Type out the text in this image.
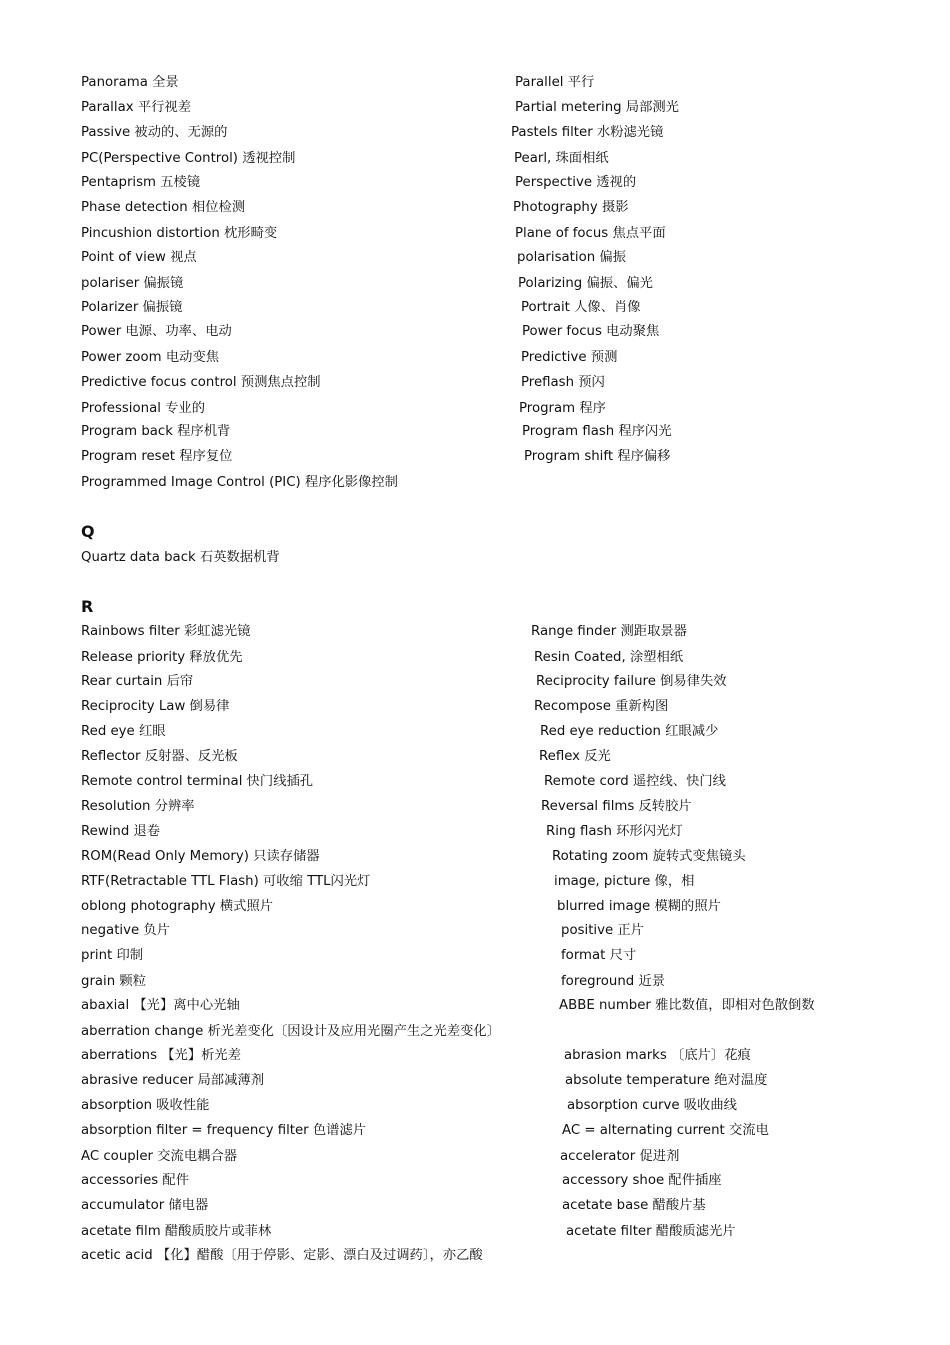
Panorama 全景	Parallel 平行
Parallax 平行视差	Partial metering 局部测光
Passive 被动的、无源的	Pastels filter 水粉滤光镜
PC(Perspective Control) 透视控制	Pearl, 珠面相纸
Pentaprism 五棱镜	Perspective 透视的
Phase detection 相位检测	Photography 摄影
Pincushion distortion 枕形畸变	Plane of focus 焦点平面
Point of view 视点	polarisation 偏振
polariser 偏振镜	Polarizing 偏振、偏光
Polarizer 偏振镜	Portrait 人像、肖像
Power 电源、功率、电动	Power focus 电动聚焦
Power zoom 电动变焦	Predictive 预测
Predictive focus control 预测焦点控制	Preflash 预闪
Professional 专业的	Program 程序
Program back 程序机背	Program flash 程序闪光
Program reset 程序复位	Program shift 程序偏移
Programmed Image Control (PIC) 程序化影像控制
Q
Quartz data back 石英数据机背
R
Rainbows filter 彩虹滤光镜	Range finder 测距取景器
Release priority 释放优先	Resin Coated, 涂塑相纸
Rear curtain 后帘	Reciprocity failure 倒易律失效
Reciprocity Law 倒易律	Recompose 重新构图
Red eye 红眼	Red eye reduction 红眼减少
Reflector 反射器、反光板	Reflex 反光
Remote control terminal 快门线插孔	Remote cord 遥控线、快门线
Resolution 分辨率	Reversal films 反转胶片
Rewind 退卷	Ring flash 环形闪光灯
ROM(Read Only Memory) 只读存储器	Rotating zoom 旋转式变焦镜头
RTF(Retractable TTL Flash) 可收缩 TTL闪光灯	image, picture 像，相
oblong photography 横式照片	blurred image 模糊的照片
negative 负片	positive 正片
print 印制	format 尺寸
grain 颗粒	foreground 近景
abaxial 【光】离中心光轴	ABBE number 雅比数值，即相对色散倒数
aberration change 析光差变化〔因设计及应用光圈产生之光差变化〕
aberrations 【光】析光差	abrasion marks 〔底片〕花痕
abrasive reducer 局部减薄剂	absolute temperature 绝对温度
absorption 吸收性能	absorption curve 吸收曲线
absorption filter = frequency filter 色谱滤片	AC = alternating current 交流电
AC coupler 交流电耦合器	accelerator 促进剂
accessories 配件	accessory shoe 配件插座
accumulator 储电器	acetate base 醋酸片基
acetate film 醋酸质胶片或菲林	acetate filter 醋酸质滤光片
acetic acid 【化】醋酸〔用于停影、定影、漂白及过调药〕，亦乙酸
